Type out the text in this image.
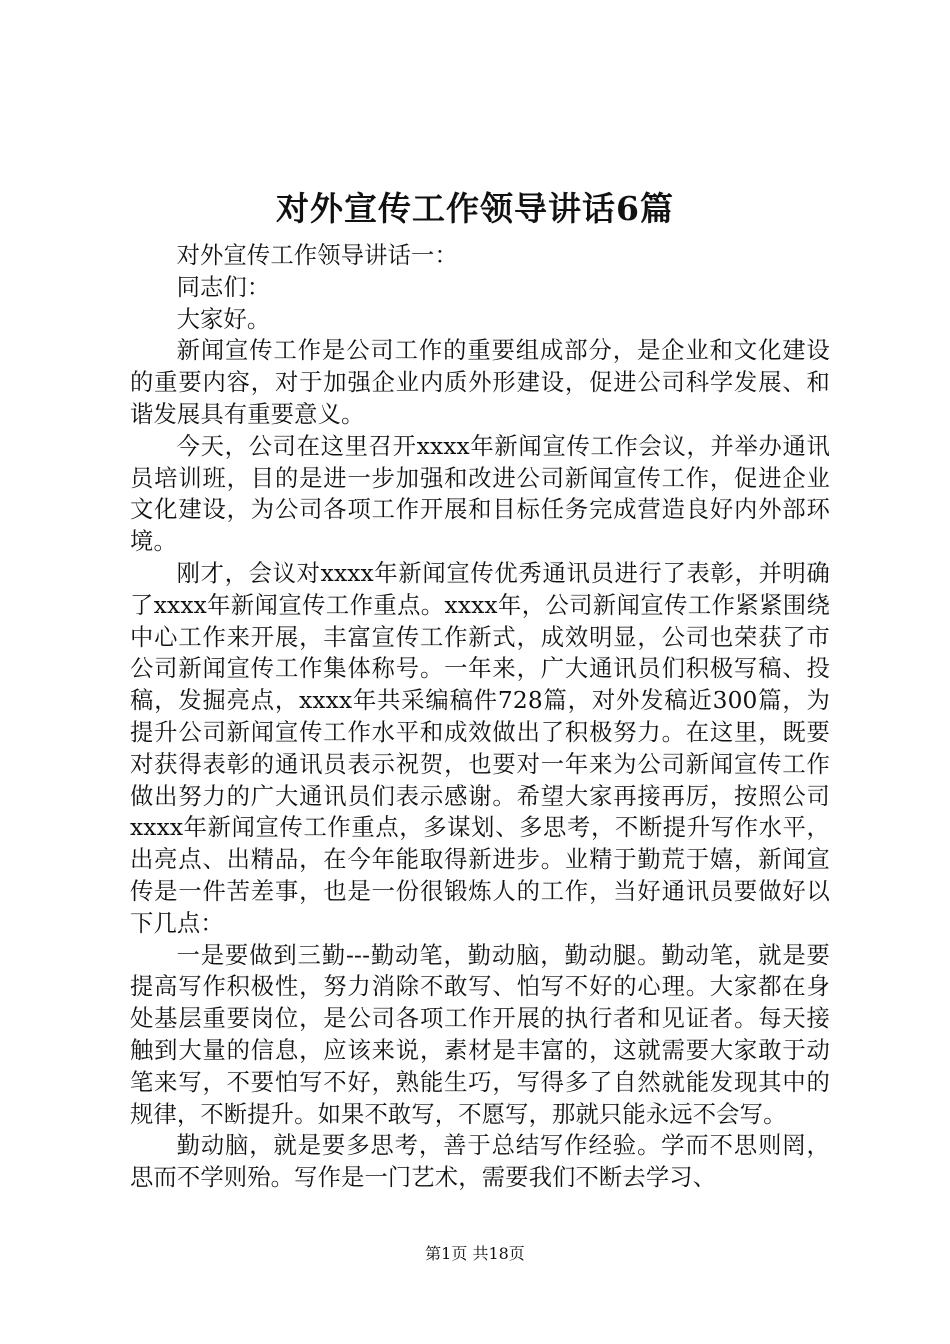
对外宣传工作领导讲话6篇

对外宣传工作领导讲话一：

同志们：

大家好。

新闻宣传工作是公司工作的重要组成部分，是企业和文化建设的重要内容，对于加强企业内质外形建设，促进公司科学发展、和谐发展具有重要意义。

今天，公司在这里召开xxxx年新闻宣传工作会议，并举办通讯员培训班，目的是进一步加强和改进公司新闻宣传工作，促进企业文化建设，为公司各项工作开展和目标任务完成营造良好内外部环境。

刚才，会议对xxxx年新闻宣传优秀通讯员进行了表彰，并明确了xxxx年新闻宣传工作重点。xxxx年，公司新闻宣传工作紧紧围绕中心工作来开展，丰富宣传工作新式，成效明显，公司也荣获了市公司新闻宣传工作集体称号。一年来，广大通讯员们积极写稿、投稿，发掘亮点，xxxx年共采编稿件728篇，对外发稿近300篇，为提升公司新闻宣传工作水平和成效做出了积极努力。在这里，既要对获得表彰的通讯员表示祝贺，也要对一年来为公司新闻宣传工作做出努力的广大通讯员们表示感谢。希望大家再接再厉，按照公司xxxx年新闻宣传工作重点，多谋划、多思考，不断提升写作水平，出亮点、出精品，在今年能取得新进步。业精于勤荒于嬉，新闻宣传是一件苦差事，也是一份很锻炼人的工作，当好通讯员要做好以下几点：

一是要做到三勤---勤动笔，勤动脑，勤动腿。勤动笔，就是要提高写作积极性，努力消除不敢写、怕写不好的心理。大家都在身处基层重要岗位，是公司各项工作开展的执行者和见证者。每天接触到大量的信息，应该来说，素材是丰富的，这就需要大家敢于动笔来写，不要怕写不好，熟能生巧，写得多了自然就能发现其中的规律，不断提升。如果不敢写，不愿写，那就只能永远不会写。

勤动脑，就是要多思考，善于总结写作经验。学而不思则罔，思而不学则殆。写作是一门艺术，需要我们不断去学习、

第1页 共18页
